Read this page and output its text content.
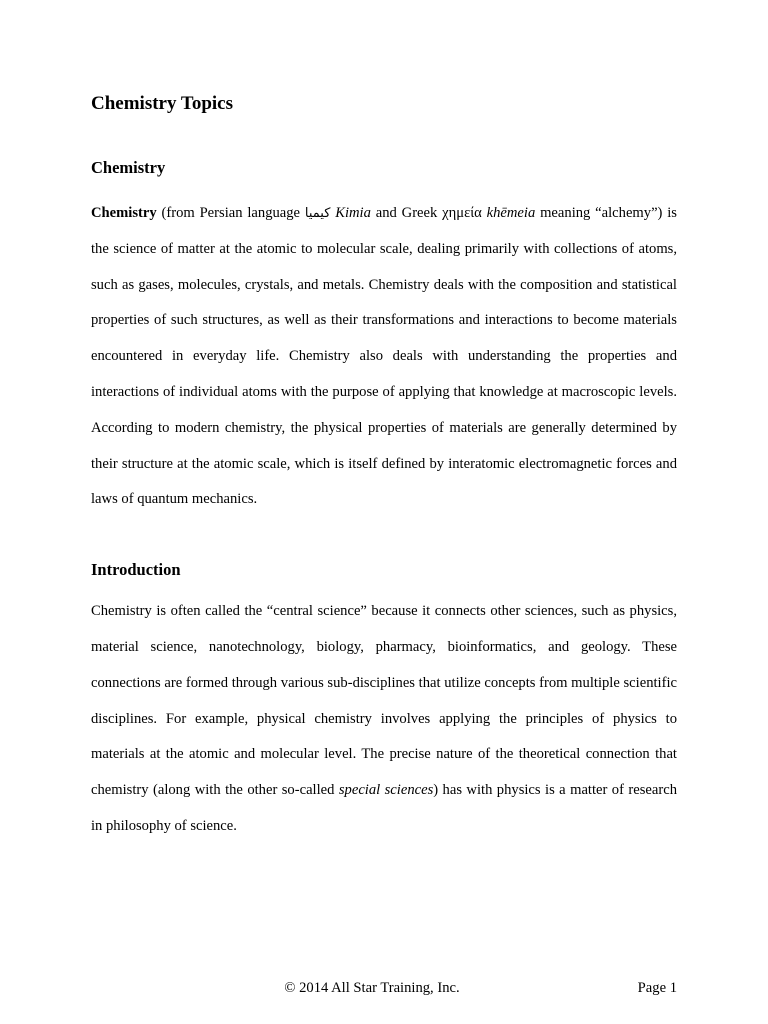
Chemistry Topics
Chemistry

Chemistry (from Persian language کیمیا Kimia and Greek χημεία khēmeia meaning “alchemy”) is the science of matter at the atomic to molecular scale, dealing primarily with collections of atoms, such as gases, molecules, crystals, and metals. Chemistry deals with the composition and statistical properties of such structures, as well as their transformations and interactions to become materials encountered in everyday life. Chemistry also deals with understanding the properties and interactions of individual atoms with the purpose of applying that knowledge at macroscopic levels. According to modern chemistry, the physical properties of materials are generally determined by their structure at the atomic scale, which is itself defined by interatomic electromagnetic forces and laws of quantum mechanics.

Introduction

Chemistry is often called the “central science” because it connects other sciences, such as physics, material science, nanotechnology, biology, pharmacy, bioinformatics, and geology. These connections are formed through various sub-disciplines that utilize concepts from multiple scientific disciplines. For example, physical chemistry involves applying the principles of physics to materials at the atomic and molecular level. The precise nature of the theoretical connection that chemistry (along with the other so-called special sciences) has with physics is a matter of research in philosophy of science.

© 2014 All Star Training, Inc.	Page 1
